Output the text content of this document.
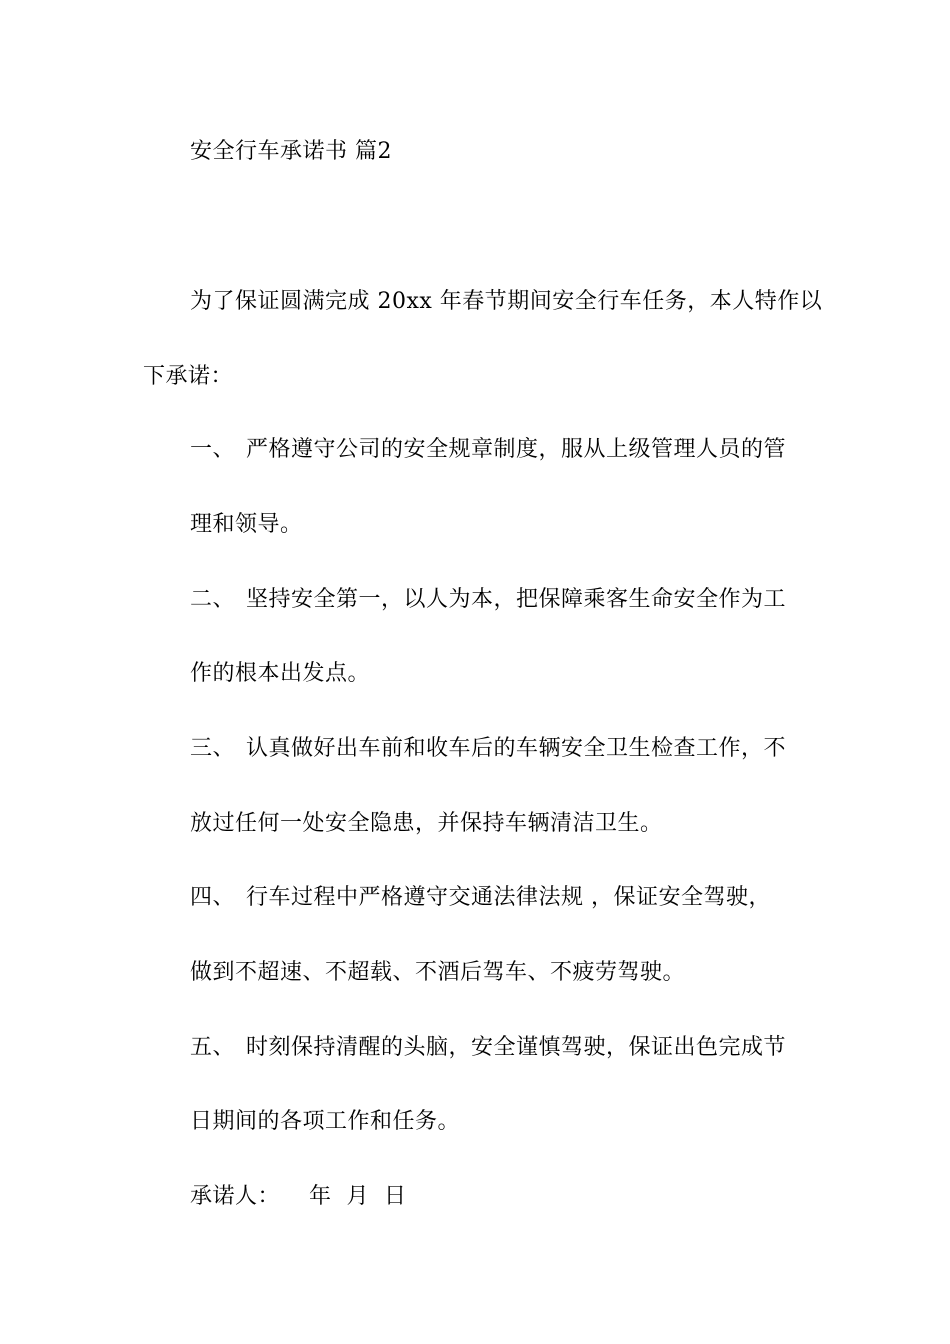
安全行车承诺书 篇2
为了保证圆满完成 20xx 年春节期间安全行车任务，本人特作以
下承诺：
一、 严格遵守公司的安全规章制度，服从上级管理人员的管
理和领导。
二、 坚持安全第一，以人为本，把保障乘客生命安全作为工
作的根本出发点。
三、 认真做好出车前和收车后的车辆安全卫生检查工作，不
放过任何一处安全隐患，并保持车辆清洁卫生。
四、 行车过程中严格遵守交通法律法规 ，保证安全驾驶，
做到不超速、不超载、不酒后驾车、不疲劳驾驶。
五、 时刻保持清醒的头脑，安全谨慎驾驶，保证出色完成节
日期间的各项工作和任务。
承诺人： 年  月  日
